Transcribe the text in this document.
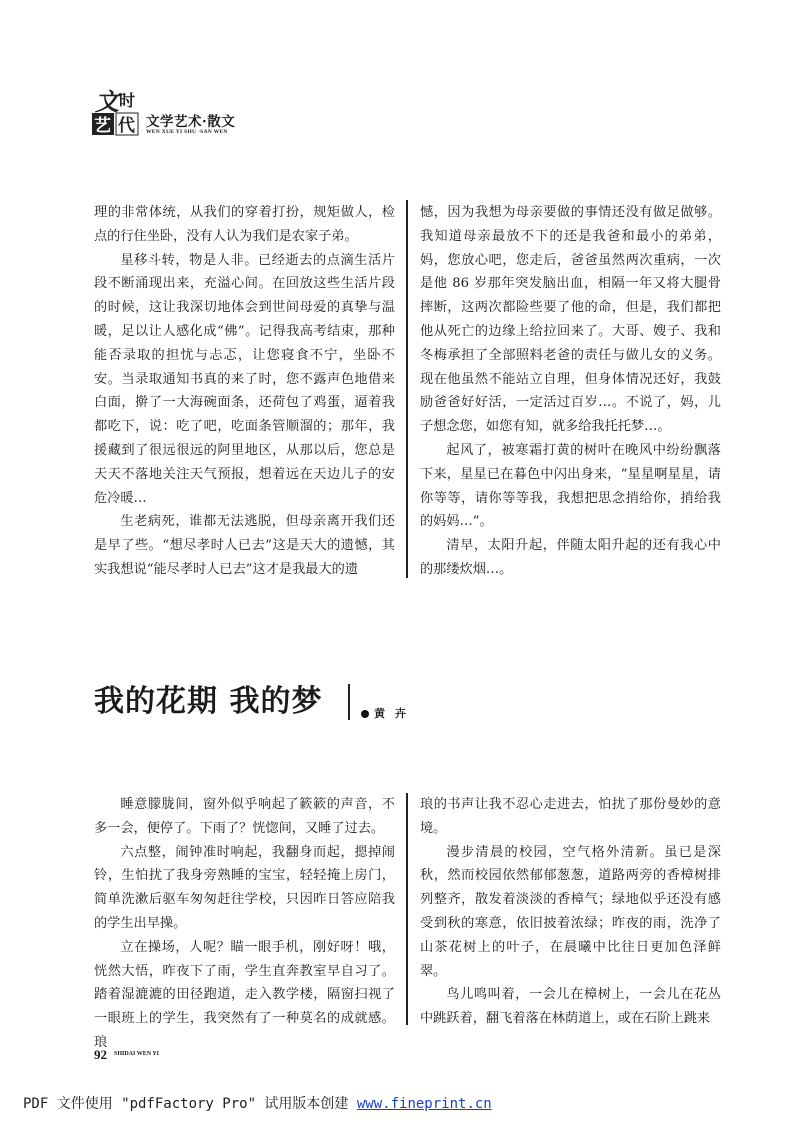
文 时
艺 代 文学艺术·散文
WEN XUE YI SHU ·SAN WEN

理的非常体统，从我们的穿着打扮，规矩做人，检点的行住坐卧，没有人认为我们是农家子弟。

星移斗转，物是人非。已经逝去的点滴生活片段不断涌现出来，充溢心间。在回放这些生活片段的时候，这让我深切地体会到世间母爱的真挚与温暖，足以让人感化成“佛”。记得我高考结束，那种能否录取的担忧与忐忑，让您寝食不宁，坐卧不安。当录取通知书真的来了时，您不露声色地借来白面，擀了一大海碗面条，还荷包了鸡蛋，逼着我都吃下，说：吃了吧，吃面条管顺溜的；那年，我援藏到了很远很远的阿里地区，从那以后，您总是天天不落地关注天气预报，想着远在天边儿子的安危冷暖…

生老病死，谁都无法逃脱，但母亲离开我们还是早了些。“想尽孝时人已去”这是天大的遗憾，其实我想说“能尽孝时人已去”这才是我最大的遗

憾，因为我想为母亲要做的事情还没有做足做够。我知道母亲最放不下的还是我爸和最小的弟弟，妈，您放心吧，您走后，爸爸虽然两次重病，一次是他 86 岁那年突发脑出血，相隔一年又将大腿骨摔断，这两次都险些要了他的命，但是，我们都把他从死亡的边缘上给拉回来了。大哥、嫂子、我和冬梅承担了全部照料老爸的责任与做儿女的义务。现在他虽然不能站立自理，但身体情况还好，我鼓励爸爸好好活，一定活过百岁…。不说了，妈，儿子想念您，如您有知，就多给我托托梦…。

起风了，被寒霜打黄的树叶在晚风中纷纷飘落下来，星星已在暮色中闪出身来，“星星啊星星，请你等等，请你等等我，我想把思念捎给你，捎给我的妈妈…”。

清早，太阳升起，伴随太阳升起的还有我心中的那缕炊烟…。

我的花期 我的梦	黄 卉

睡意朦胧间，窗外似乎响起了簌簌的声音，不多一会，便停了。下雨了？恍惚间，又睡了过去。

六点整，闹钟准时响起，我翻身而起，摁掉闹铃，生怕扰了我身旁熟睡的宝宝，轻轻掩上房门，简单洗漱后驱车匆匆赶往学校，只因昨日答应陪我的学生出早操。

立在操场，人呢？瞄一眼手机，刚好呀！哦，恍然大悟，昨夜下了雨，学生直奔教室早自习了。踏着湿漉漉的田径跑道，走入教学楼，隔窗扫视了一眼班上的学生，我突然有了一种莫名的成就感。琅

琅的书声让我不忍心走进去，怕扰了那份曼妙的意境。

漫步清晨的校园，空气格外清新。虽已是深秋，然而校园依然郁郁葱葱，道路两旁的香樟树排列整齐，散发着淡淡的香樟气；绿地似乎还没有感受到秋的寒意，依旧披着浓绿；昨夜的雨，洗净了山茶花树上的叶子，在晨曦中比往日更加色泽鲜翠。

鸟儿鸣叫着，一会儿在樟树上，一会儿在花丛中跳跃着，翻飞着落在林荫道上，或在石阶上跳来

92 SHIDAI WEN YI
PDF 文件使用 "pdfFactory Pro" 试用版本创建 www.fineprint.cn
